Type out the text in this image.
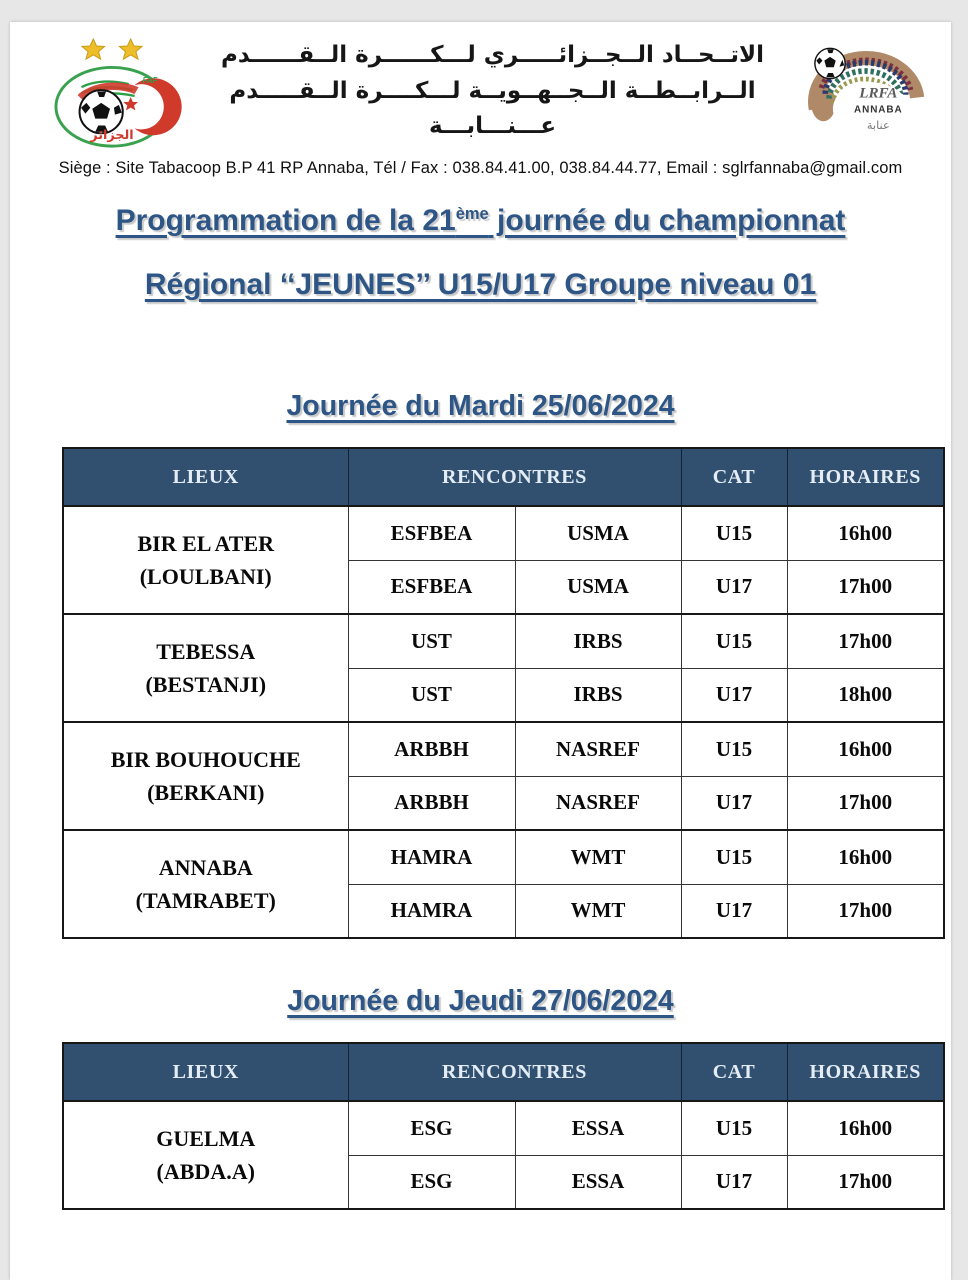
الجزائر
FAF
الاتــحــاد الــجــزائـــــري لـــكــــــرة الــقــــــدم
الــرابــطــة الــجــهــويــة لـــكــــرة الــقـــــدم عـــنـــابـــة
LRFA
ANNABA
عنابة
Siège : Site Tabacoop B.P 41 RP Annaba, Tél / Fax : 038.84.41.00, 038.84.44.77, Email : sglrfannaba@gmail.com
Programmation de la 21ème journée du championnat
Régional ‘‘JEUNES’’ U15/U17 Groupe niveau 01
Journée du Mardi 25/06/2024
LIEUX	RENCONTRES		CAT	HORAIRES

BIR EL ATER
(LOULBANI)	ESFBEA	USMA	U15	16h00
	ESFBEA	USMA	U17	17h00

TEBESSA
(BESTANJI)	UST	IRBS	U15	17h00
	UST	IRBS	U17	18h00

BIR BOUHOUCHE
(BERKANI)	ARBBH	NASREF	U15	16h00
	ARBBH	NASREF	U17	17h00

ANNABA
(TAMRABET)	HAMRA	WMT	U15	16h00
	HAMRA	WMT	U17	17h00
Journée du Jeudi 27/06/2024
LIEUX	RENCONTRES		CAT	HORAIRES

GUELMA
(ABDA.A)	ESG	ESSA	U15	16h00
	ESG	ESSA	U17	17h00
